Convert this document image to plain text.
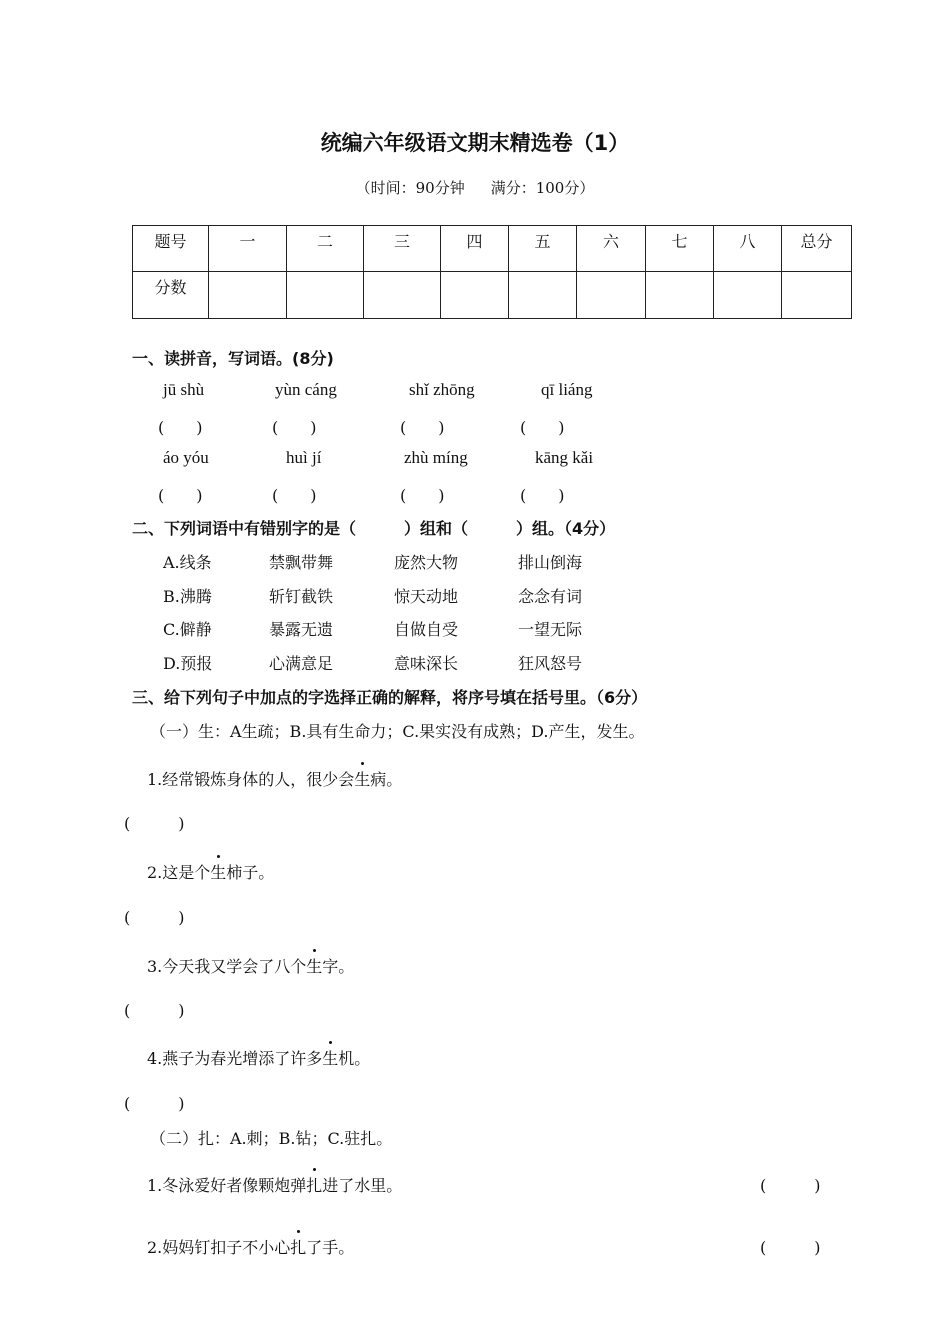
统编六年级语文期末精选卷（1）
（时间：90分钟 满分：100分）
题号	一	二	三	四	五	六	七	八	总分
分数									
一、读拼音，写词语。(8分)
jū shù	yùn cáng	shǐ zhōng	qī liáng
(　　)	(　　)	(　　)	(　　)
áo yóu	huì jí	zhù míng	kāng kǎi
(　　)	(　　)	(　　)	(　　)
二、下列词语中有错别字的是（　　　）组和（　　　）组。（4分）
A.线条	禁飘带舞	庞然大物	排山倒海
B.沸腾	斩钉截铁	惊天动地	念念有词
C.僻静	暴露无遗	自做自受	一望无际
D.预报	心满意足	意味深长	狂风怒号
三、给下列句子中加点的字选择正确的解释，将序号填在括号里。（6分）
（一）生：A生疏；B.具有生命力；C.果实没有成熟；D.产生，发生。
1.经常锻炼身体的人，很少会生病。
(　　　)
2.这是个生柿子。
(　　　)
3.今天我又学会了八个生字。
(　　　)
4.燕子为春光增添了许多生机。
(　　　)
（二）扎：A.刺；B.钻；C.驻扎。
1.冬泳爱好者像颗炮弹扎进了水里。	(　　　)
2.妈妈钉扣子不小心扎了手。	(　　　)
